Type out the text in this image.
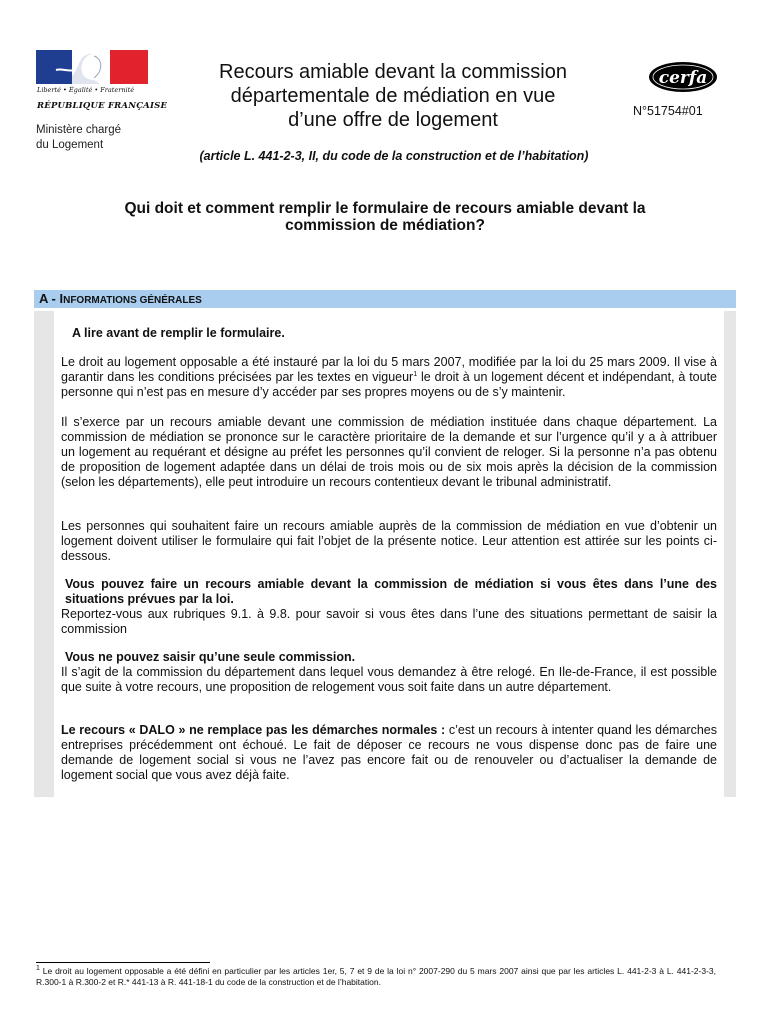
Liberté • Égalité • Fraternité
RÉPUBLIQUE FRANÇAISE
Ministère chargé
du Logement
Recours amiable devant la commission
départementale de médiation en vue
d’une offre de logement
cerfa
N°51754#01
(article L. 441-2-3, II, du code de la construction et de l’habitation)
Qui doit et comment remplir le formulaire de recours amiable devant la
commission de médiation?
A - INFORMATIONS GÉNÉRALES
A lire avant de remplir le formulaire.
Le droit au logement opposable a été instauré par la loi du 5 mars 2007, modifiée par la loi du 25 mars 2009. Il vise à garantir dans les conditions précisées par les textes en vigueur$^1$ le droit à un logement décent et indépendant, à toute personne qui n’est pas en mesure d’y accéder par ses propres moyens ou de s’y maintenir.
Il s’exerce par un recours amiable devant une commission de médiation instituée dans chaque département. La commission de médiation se prononce sur le caractère prioritaire de la demande et sur l’urgence qu’il y a à attribuer un logement au requérant et désigne au préfet les personnes qu’il convient de reloger. Si la personne n’a pas obtenu de proposition de logement adaptée dans un délai de trois mois ou de six mois après la décision de la commission (selon les départements), elle peut introduire un recours contentieux devant le tribunal administratif.
Les personnes qui souhaitent faire un recours amiable auprès de la commission de médiation en vue d’obtenir un logement doivent utiliser le formulaire qui fait l’objet de la présente notice. Leur attention est attirée sur les points ci-dessous.
Vous pouvez faire un recours amiable devant la commission de médiation si vous êtes dans l’une des situations prévues par la loi.
Reportez-vous aux rubriques 9.1. à 9.8. pour savoir si vous êtes dans l’une des situations permettant de saisir la commission
Vous ne pouvez saisir qu’une seule commission.
Il s’agit de la commission du département dans lequel vous demandez à être relogé. En Ile-de-France, il est possible que suite à votre recours, une proposition de relogement vous soit faite dans un autre département.
Le recours « DALO » ne remplace pas les démarches normales : c’est un recours à intenter quand les démarches entreprises précédemment ont échoué. Le fait de déposer ce recours ne vous dispense donc pas de faire une demande de logement social si vous ne l’avez pas encore fait ou de renouveler ou d’actualiser la demande de logement social que vous avez déjà faite.
$^1$ Le droit au logement opposable a été défini en particulier par les articles 1er, 5, 7 et 9 de la loi n° 2007-290 du 5 mars 2007 ainsi que par les articles L. 441-2-3 à L. 441-2-3-3, R.300-1 à R.300-2 et R.* 441-13 à R. 441-18-1 du code de la construction et de l’habitation.
